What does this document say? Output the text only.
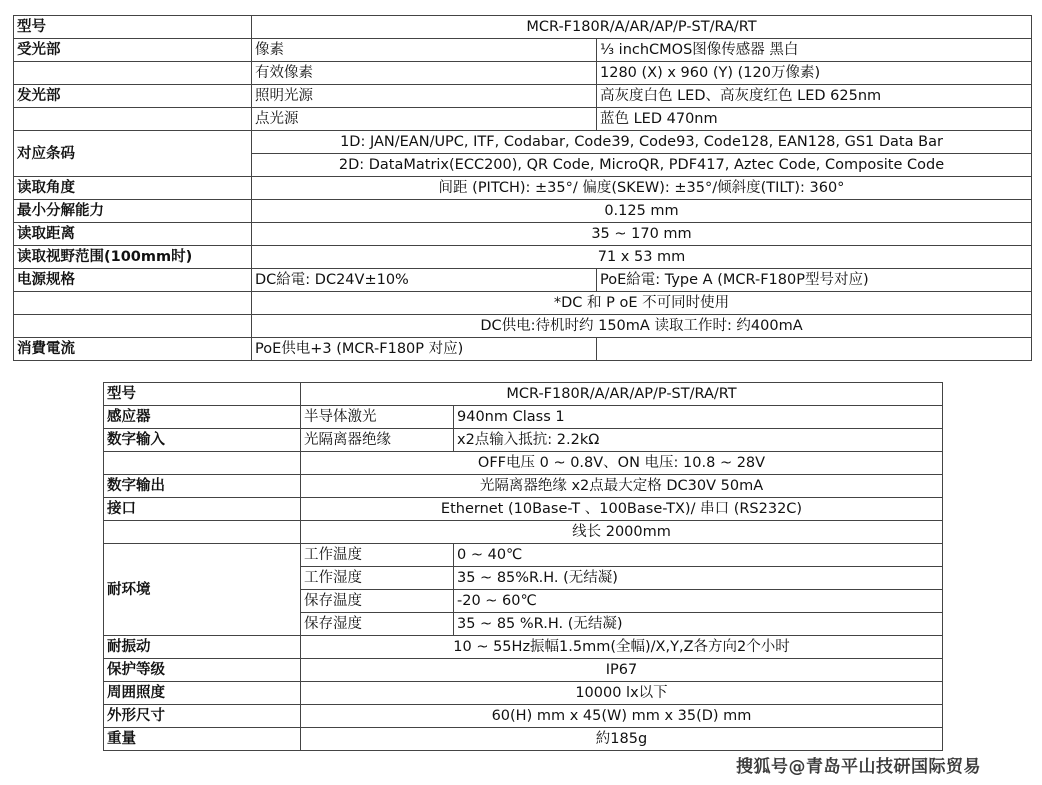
型号	MCR-F180R/A/AR/AP/P-ST/RA/RT	
受光部	像素	⅓ inchCMOS图像传感器 黑白
	有效像素	1280 (X) x 960 (Y) (120万像素)
发光部	照明光源	高灰度白色 LED、高灰度红色 LED 625nm
	点光源	蓝色 LED 470nm
对应条码	1D: JAN/EAN/UPC, ITF, Codabar, Code39, Code93, Code128, EAN128, GS1 Data Bar	
	2D: DataMatrix(ECC200), QR Code, MicroQR, PDF417, Aztec Code, Composite Code	
读取角度	间距 (PITCH): ±35°/ 偏度(SKEW): ±35°/倾斜度(TILT): 360°	
最小分解能力	0.125 mm	
读取距离	35 ~ 170 mm	
读取视野范围(100mm时)	71 x 53 mm	
电源规格	DC給電: DC24V±10%	PoE給電: Type A (MCR-F180P型号对应)
	*DC 和 P oE 不可同时使用	
	DC供电:待机时约 150mA 读取工作时: 约400mA	
消費電流	PoE供电+3 (MCR-F180P 对应)	
型号	MCR-F180R/A/AR/AP/P-ST/RA/RT	
感应器	半导体激光	940nm Class 1
数字输入	光隔离器绝缘	x2点输入抵抗: 2.2kΩ
	OFF电压 0 ~ 0.8V、ON 电压: 10.8 ~ 28V	
数字输出	光隔离器绝缘 x2点最大定格 DC30V 50mA	
接口	Ethernet (10Base-T 、100Base-TX)/ 串口 (RS232C)	
	线长 2000mm	
耐环境	工作温度	0 ~ 40℃
	工作湿度	35 ~ 85%R.H. (无结凝)
	保存温度	-20 ~ 60℃
	保存湿度	35 ~ 85 %R.H. (无结凝)
耐振动	10 ~ 55Hz振幅1.5mm(全幅)/X,Y,Z各方向2个小时	
保护等级	IP67	
周囲照度	10000 lx以下	
外形尺寸	60(H) mm x 45(W) mm x 35(D) mm	
重量	約185g	
搜狐号@青岛平山技研国际贸易
